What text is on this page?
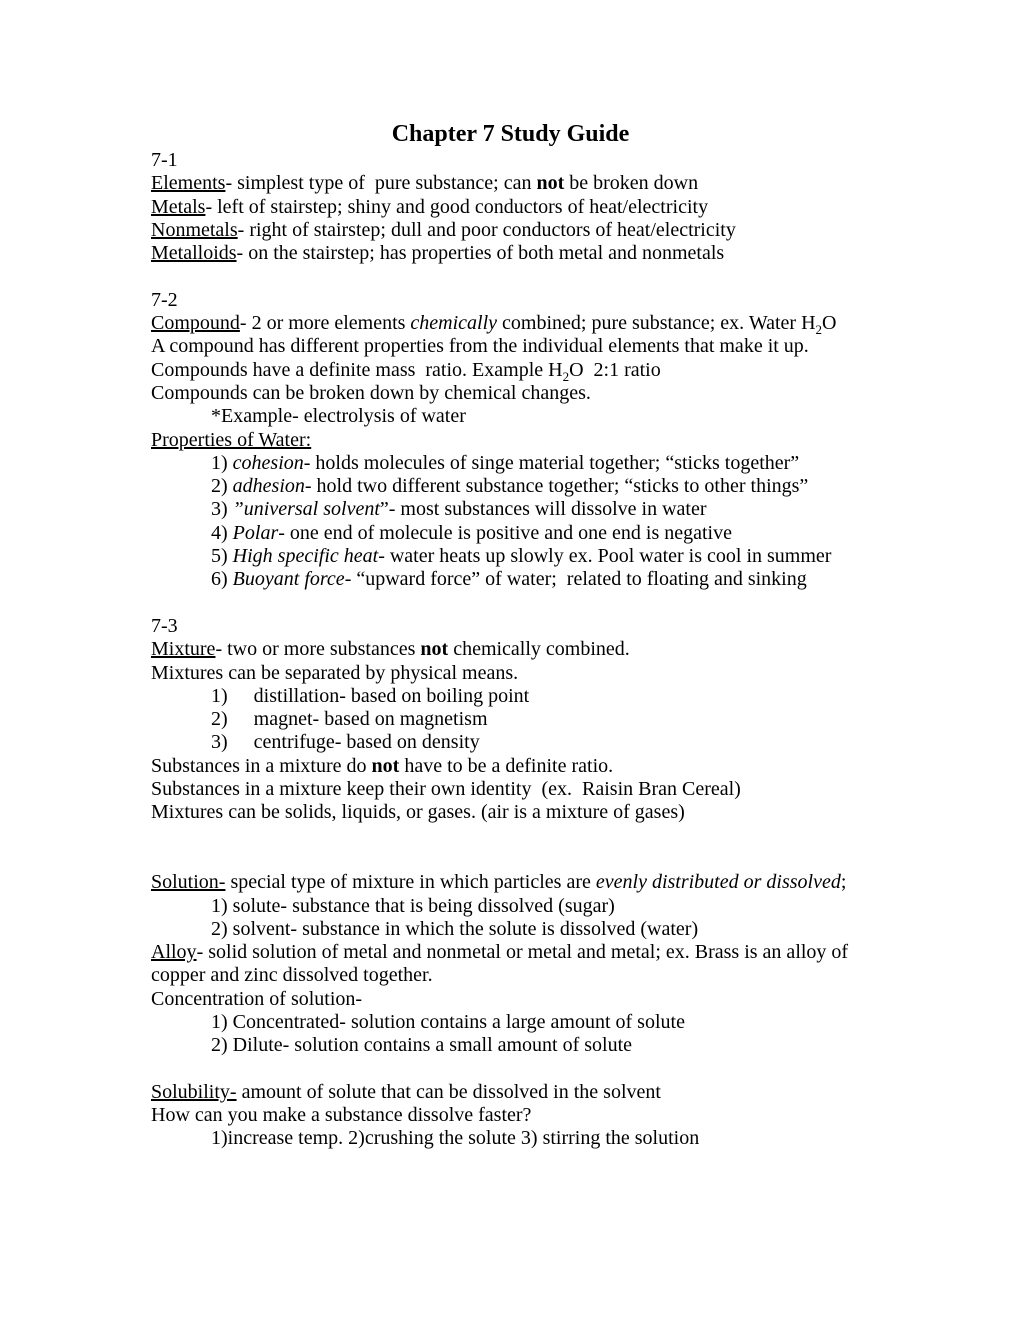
Chapter 7 Study Guide

7-1

Elements- simplest type of  pure substance; can not be broken down

Metals- left of stairstep; shiny and good conductors of heat/electricity

Nonmetals- right of stairstep; dull and poor conductors of heat/electricity

Metalloids- on the stairstep; has properties of both metal and nonmetals

7-2

Compound- 2 or more elements chemically combined; pure substance; ex. Water $H_2O$

A compound has different properties from the individual elements that make it up.

Compounds have a definite mass  ratio. Example $H_2O$  2:1 ratio

Compounds can be broken down by chemical changes.

*Example- electrolysis of water

Properties of Water:

1) cohesion- holds molecules of singe material together; “sticks together”

2) adhesion- hold two different substance together; “sticks to other things”

3) ”universal solvent”- most substances will dissolve in water

4) Polar- one end of molecule is positive and one end is negative

5) High specific heat- water heats up slowly ex. Pool water is cool in summer

6) Buoyant force- “upward force” of water;  related to floating and sinking

7-3

Mixture- two or more substances not chemically combined.

Mixtures can be separated by physical means.

1) distillation- based on boiling point

2) magnet- based on magnetism

3) centrifuge- based on density

Substances in a mixture do not have to be a definite ratio.

Substances in a mixture keep their own identity  (ex.  Raisin Bran Cereal)

Mixtures can be solids, liquids, or gases. (air is a mixture of gases)

Solution- special type of mixture in which particles are evenly distributed or dissolved;

1) solute- substance that is being dissolved (sugar)

2) solvent- substance in which the solute is dissolved (water)

Alloy- solid solution of metal and nonmetal or metal and metal; ex. Brass is an alloy of

copper and zinc dissolved together.

Concentration of solution-

1) Concentrated- solution contains a large amount of solute

2) Dilute- solution contains a small amount of solute

Solubility- amount of solute that can be dissolved in the solvent

How can you make a substance dissolve faster?

1)increase temp. 2)crushing the solute 3) stirring the solution
